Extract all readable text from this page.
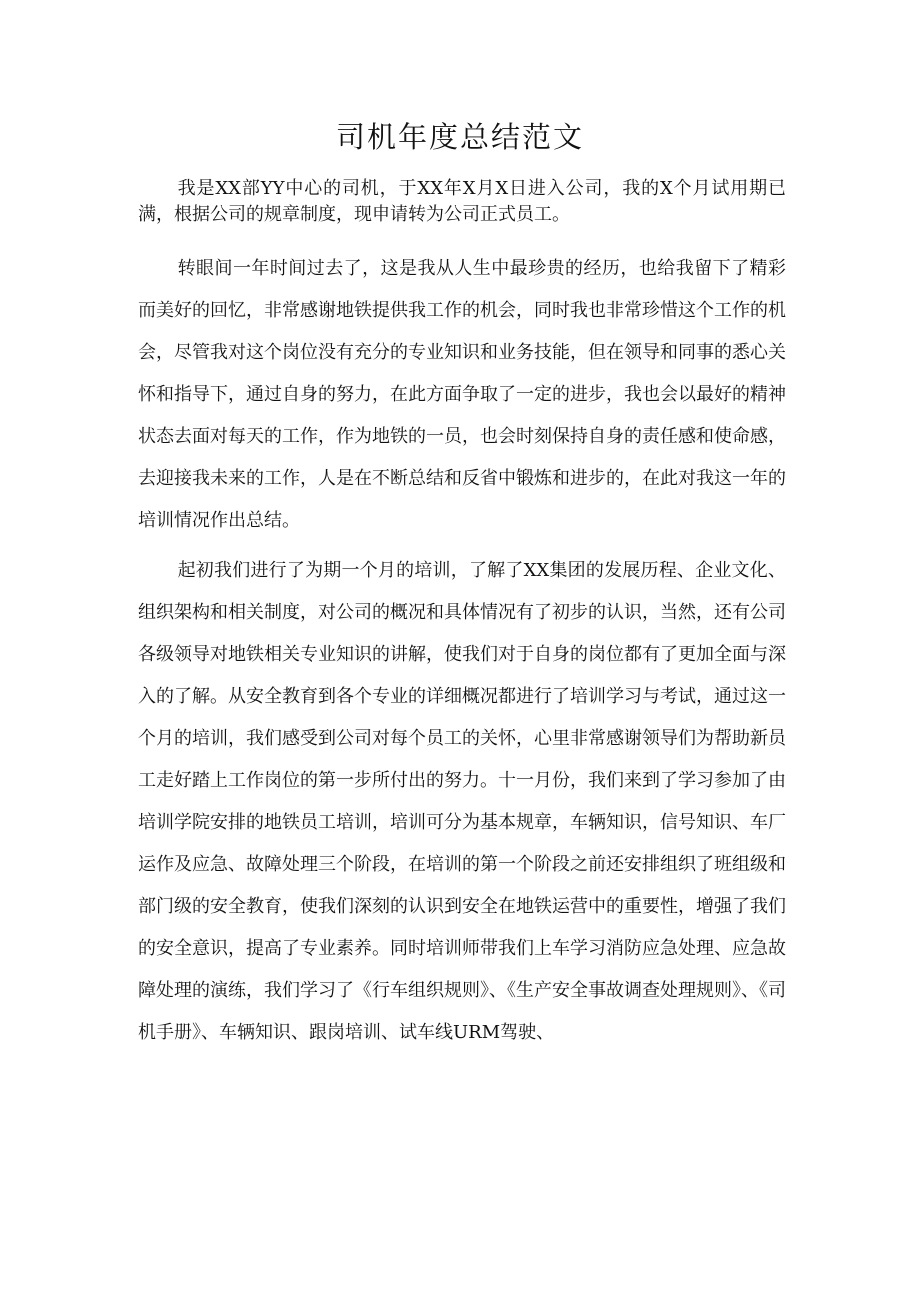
司机年度总结范文

我是XX部YY中心的司机，于XX年X月X日进入公司，我的X个月试用期已满，根据公司的规章制度，现申请转为公司正式员工。

转眼间一年时间过去了，这是我从人生中最珍贵的经历，也给我留下了精彩而美好的回忆，非常感谢地铁提供我工作的机会，同时我也非常珍惜这个工作的机会，尽管我对这个岗位没有充分的专业知识和业务技能，但在领导和同事的悉心关怀和指导下，通过自身的努力，在此方面争取了一定的进步，我也会以最好的精神状态去面对每天的工作，作为地铁的一员，也会时刻保持自身的责任感和使命感，去迎接我未来的工作，人是在不断总结和反省中锻炼和进步的，在此对我这一年的培训情况作出总结。

起初我们进行了为期一个月的培训，了解了XX集团的发展历程、企业文化、组织架构和相关制度，对公司的概况和具体情况有了初步的认识，当然，还有公司各级领导对地铁相关专业知识的讲解，使我们对于自身的岗位都有了更加全面与深入的了解。从安全教育到各个专业的详细概况都进行了培训学习与考试，通过这一个月的培训，我们感受到公司对每个员工的关怀，心里非常感谢领导们为帮助新员工走好踏上工作岗位的第一步所付出的努力。十一月份，我们来到了学习参加了由培训学院安排的地铁员工培训，培训可分为基本规章，车辆知识，信号知识、车厂运作及应急、故障处理三个阶段，在培训的第一个阶段之前还安排组织了班组级和部门级的安全教育，使我们深刻的认识到安全在地铁运营中的重要性，增强了我们的安全意识，提高了专业素养。同时培训师带我们上车学习消防应急处理、应急故障处理的演练，我们学习了《行车组织规则》、《生产安全事故调查处理规则》、《司机手册》、车辆知识、跟岗培训、试车线URM驾驶、
